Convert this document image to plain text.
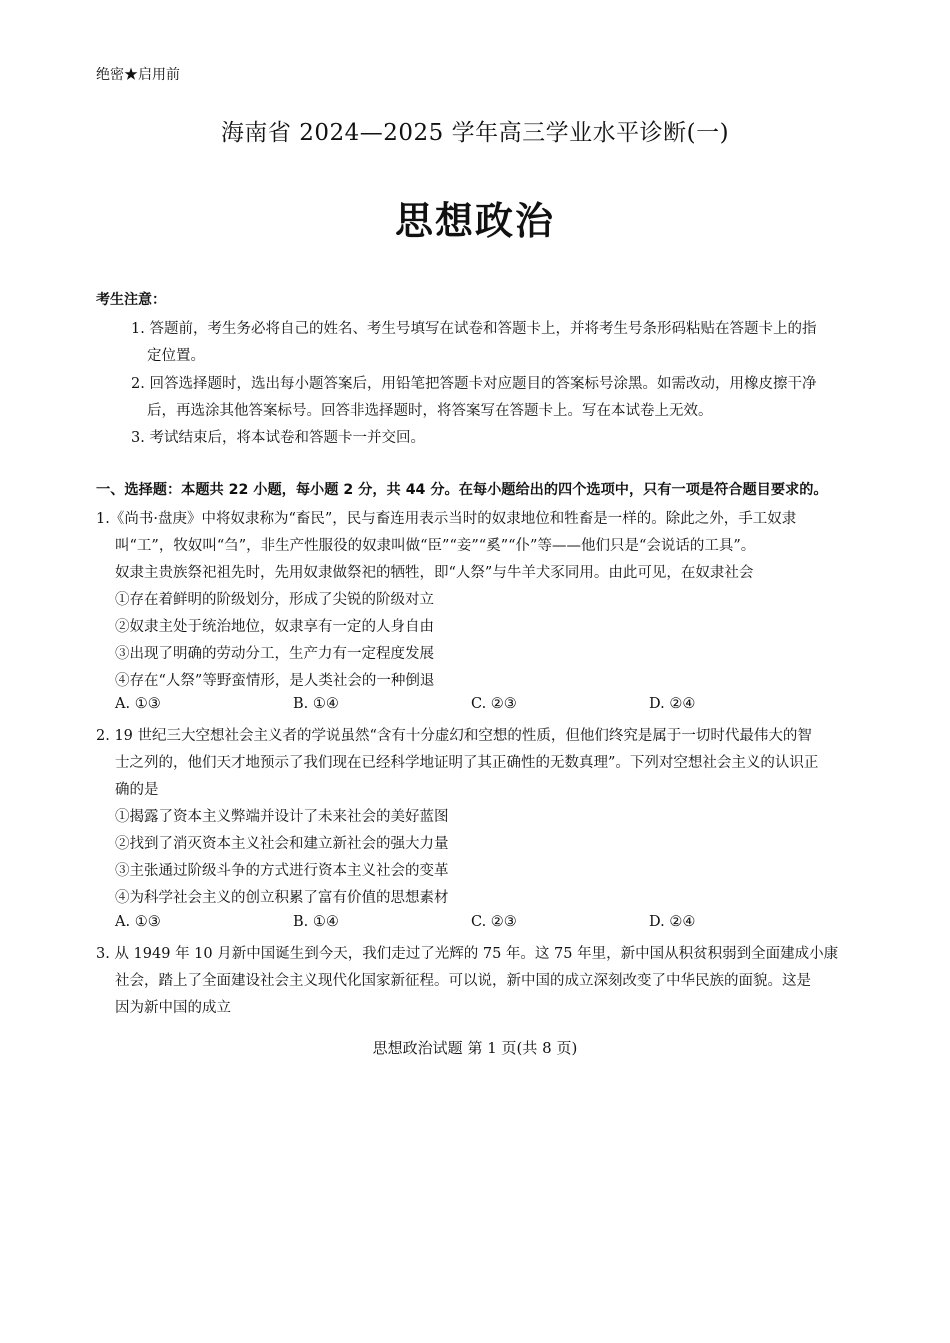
绝密★启用前
海南省 2024—2025 学年高三学业水平诊断(一)
思想政治
考生注意：
1. 答题前，考生务必将自己的姓名、考生号填写在试卷和答题卡上，并将考生号条形码粘贴在答题卡上的指
定位置。
2. 回答选择题时，选出每小题答案后，用铅笔把答题卡对应题目的答案标号涂黑。如需改动，用橡皮擦干净
后，再选涂其他答案标号。回答非选择题时，将答案写在答题卡上。写在本试卷上无效。
3. 考试结束后，将本试卷和答题卡一并交回。
一、选择题：本题共 22 小题，每小题 2 分，共 44 分。在每小题给出的四个选项中，只有一项是符合题目要求的。
1.《尚书·盘庚》中将奴隶称为“畜民”，民与畜连用表示当时的奴隶地位和牲畜是一样的。除此之外，手工奴隶
叫“工”，牧奴叫“刍”，非生产性服役的奴隶叫做“臣”“妾”“奚”“仆”等——他们只是“会说话的工具”。
奴隶主贵族祭祀祖先时，先用奴隶做祭祀的牺牲，即“人祭”与牛羊犬豕同用。由此可见，在奴隶社会
①存在着鲜明的阶级划分，形成了尖锐的阶级对立
②奴隶主处于统治地位，奴隶享有一定的人身自由
③出现了明确的劳动分工，生产力有一定程度发展
④存在“人祭”等野蛮情形，是人类社会的一种倒退
A. ①③	B. ①④	C. ②③	D. ②④
2. 19 世纪三大空想社会主义者的学说虽然“含有十分虚幻和空想的性质，但他们终究是属于一切时代最伟大的智
士之列的，他们天才地预示了我们现在已经科学地证明了其正确性的无数真理”。下列对空想社会主义的认识正
确的是
①揭露了资本主义弊端并设计了未来社会的美好蓝图
②找到了消灭资本主义社会和建立新社会的强大力量
③主张通过阶级斗争的方式进行资本主义社会的变革
④为科学社会主义的创立积累了富有价值的思想素材
A. ①③	B. ①④	C. ②③	D. ②④
3. 从 1949 年 10 月新中国诞生到今天，我们走过了光辉的 75 年。这 75 年里，新中国从积贫积弱到全面建成小康
社会，踏上了全面建设社会主义现代化国家新征程。可以说，新中国的成立深刻改变了中华民族的面貌。这是
因为新中国的成立
思想政治试题 第 1 页(共 8 页)
